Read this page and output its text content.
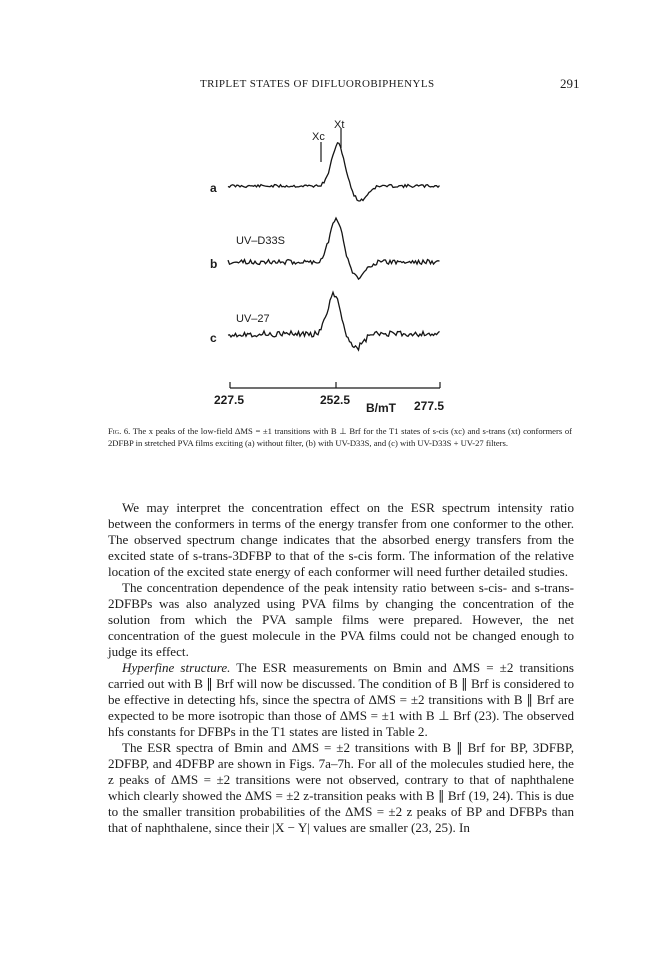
TRIPLET STATES OF DIFLUOROBIPHENYLS	291
Xt
Xc
a
b
c
UV–D33S
UV–27
227.5	252.5	277.5
B/mT
Fig. 6. The x peaks of the low-field ΔMS = ±1 transitions with B ⊥ Brf for the T1 states of s-cis (xc) and s-trans (xt) conformers of 2DFBP in stretched PVA films exciting (a) without filter, (b) with UV-D33S, and (c) with UV-D33S + UV-27 filters.

We may interpret the concentration effect on the ESR spectrum intensity ratio between the conformers in terms of the energy transfer from one conformer to the other. The observed spectrum change indicates that the absorbed energy transfers from the excited state of s-trans-3DFBP to that of the s-cis form. The information of the relative location of the excited state energy of each conformer will need further detailed studies.

The concentration dependence of the peak intensity ratio between s-cis- and s-trans-2DFBPs was also analyzed using PVA films by changing the concentration of the solution from which the PVA sample films were prepared. However, the net concentration of the guest molecule in the PVA films could not be changed enough to judge its effect.

Hyperfine structure. The ESR measurements on Bmin and ΔMS = ±2 transitions carried out with B ∥ Brf will now be discussed. The condition of B ∥ Brf is considered to be effective in detecting hfs, since the spectra of ΔMS = ±2 transitions with B ∥ Brf are expected to be more isotropic than those of ΔMS = ±1 with B ⊥ Brf (23). The observed hfs constants for DFBPs in the T1 states are listed in Table 2.

The ESR spectra of Bmin and ΔMS = ±2 transitions with B ∥ Brf for BP, 3DFBP, 2DFBP, and 4DFBP are shown in Figs. 7a–7h. For all of the molecules studied here, the z peaks of ΔMS = ±2 transitions were not observed, contrary to that of naphthalene which clearly showed the ΔMS = ±2 z-transition peaks with B ∥ Brf (19, 24). This is due to the smaller transition probabilities of the ΔMS = ±2 z peaks of BP and DFBPs than that of naphthalene, since their |X − Y| values are smaller (23, 25). In
